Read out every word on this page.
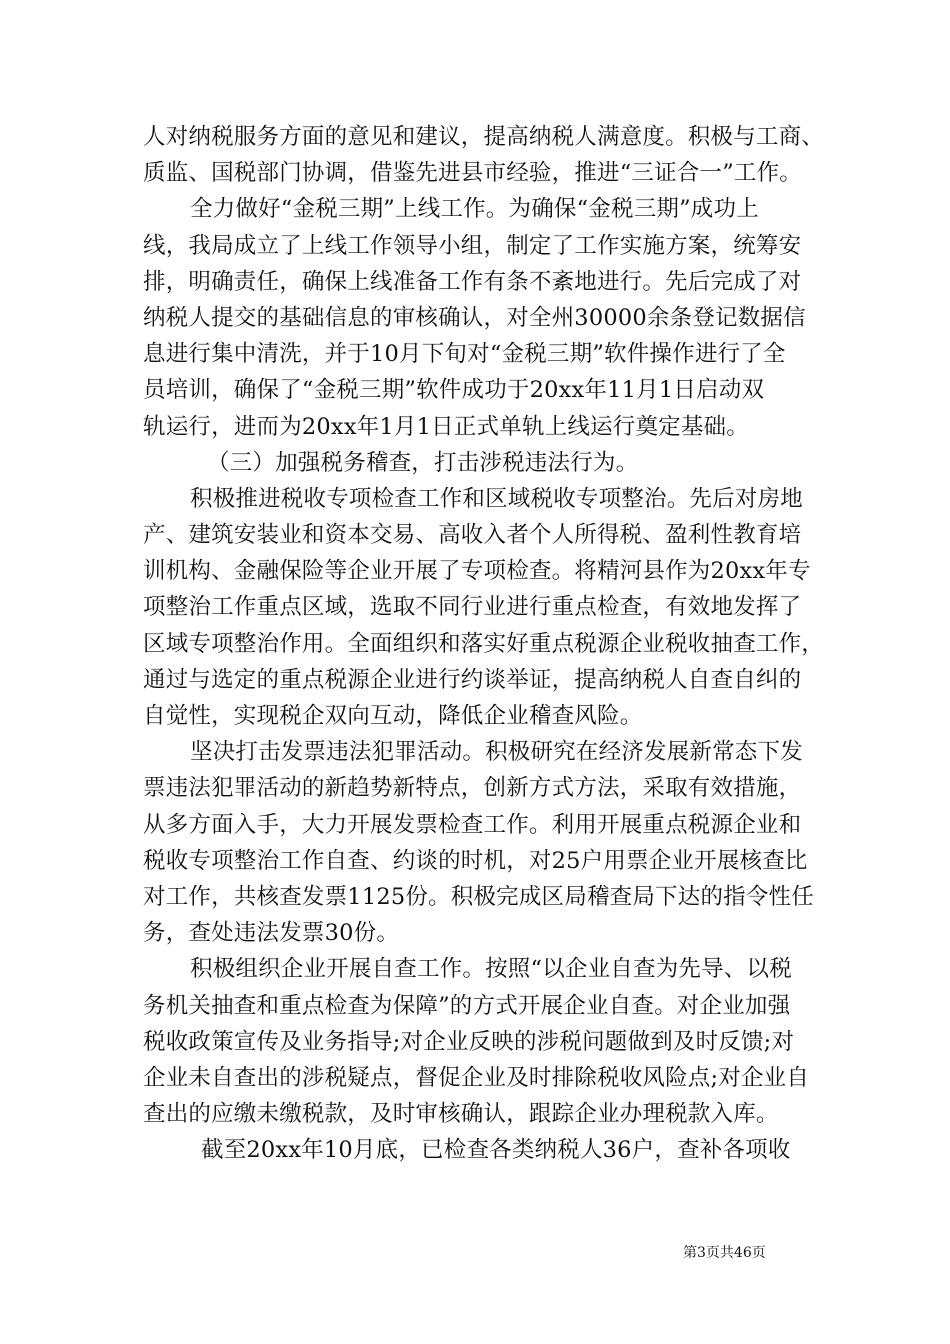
人对纳税服务方面的意见和建议，提高纳税人满意度。积极与工商、
质监、国税部门协调，借鉴先进县市经验，推进“三证合一”工作。
全力做好“金税三期”上线工作。为确保“金税三期”成功上
线，我局成立了上线工作领导小组，制定了工作实施方案，统筹安
排，明确责任，确保上线准备工作有条不紊地进行。先后完成了对
纳税人提交的基础信息的审核确认，对全州30000余条登记数据信
息进行集中清洗，并于10月下旬对“金税三期”软件操作进行了全
员培训，确保了“金税三期”软件成功于20xx年11月1日启动双
轨运行，进而为20xx年1月1日正式单轨上线运行奠定基础。
（三）加强税务稽查，打击涉税违法行为。
积极推进税收专项检查工作和区域税收专项整治。先后对房地
产、建筑安装业和资本交易、高收入者个人所得税、盈利性教育培
训机构、金融保险等企业开展了专项检查。将精河县作为20xx年专
项整治工作重点区域，选取不同行业进行重点检查，有效地发挥了
区域专项整治作用。全面组织和落实好重点税源企业税收抽查工作，
通过与选定的重点税源企业进行约谈举证，提高纳税人自查自纠的
自觉性，实现税企双向互动，降低企业稽查风险。
坚决打击发票违法犯罪活动。积极研究在经济发展新常态下发
票违法犯罪活动的新趋势新特点，创新方式方法，采取有效措施，
从多方面入手，大力开展发票检查工作。利用开展重点税源企业和
税收专项整治工作自查、约谈的时机，对25户用票企业开展核查比
对工作，共核查发票1125份。积极完成区局稽查局下达的指令性任
务，查处违法发票30份。
积极组织企业开展自查工作。按照“以企业自查为先导、以税
务机关抽查和重点检查为保障”的方式开展企业自查。对企业加强
税收政策宣传及业务指导;对企业反映的涉税问题做到及时反馈;对
企业未自查出的涉税疑点，督促企业及时排除税收风险点;对企业自
查出的应缴未缴税款，及时审核确认，跟踪企业办理税款入库。
截至20xx年10月底，已检查各类纳税人36户，查补各项收
第3页共46页
